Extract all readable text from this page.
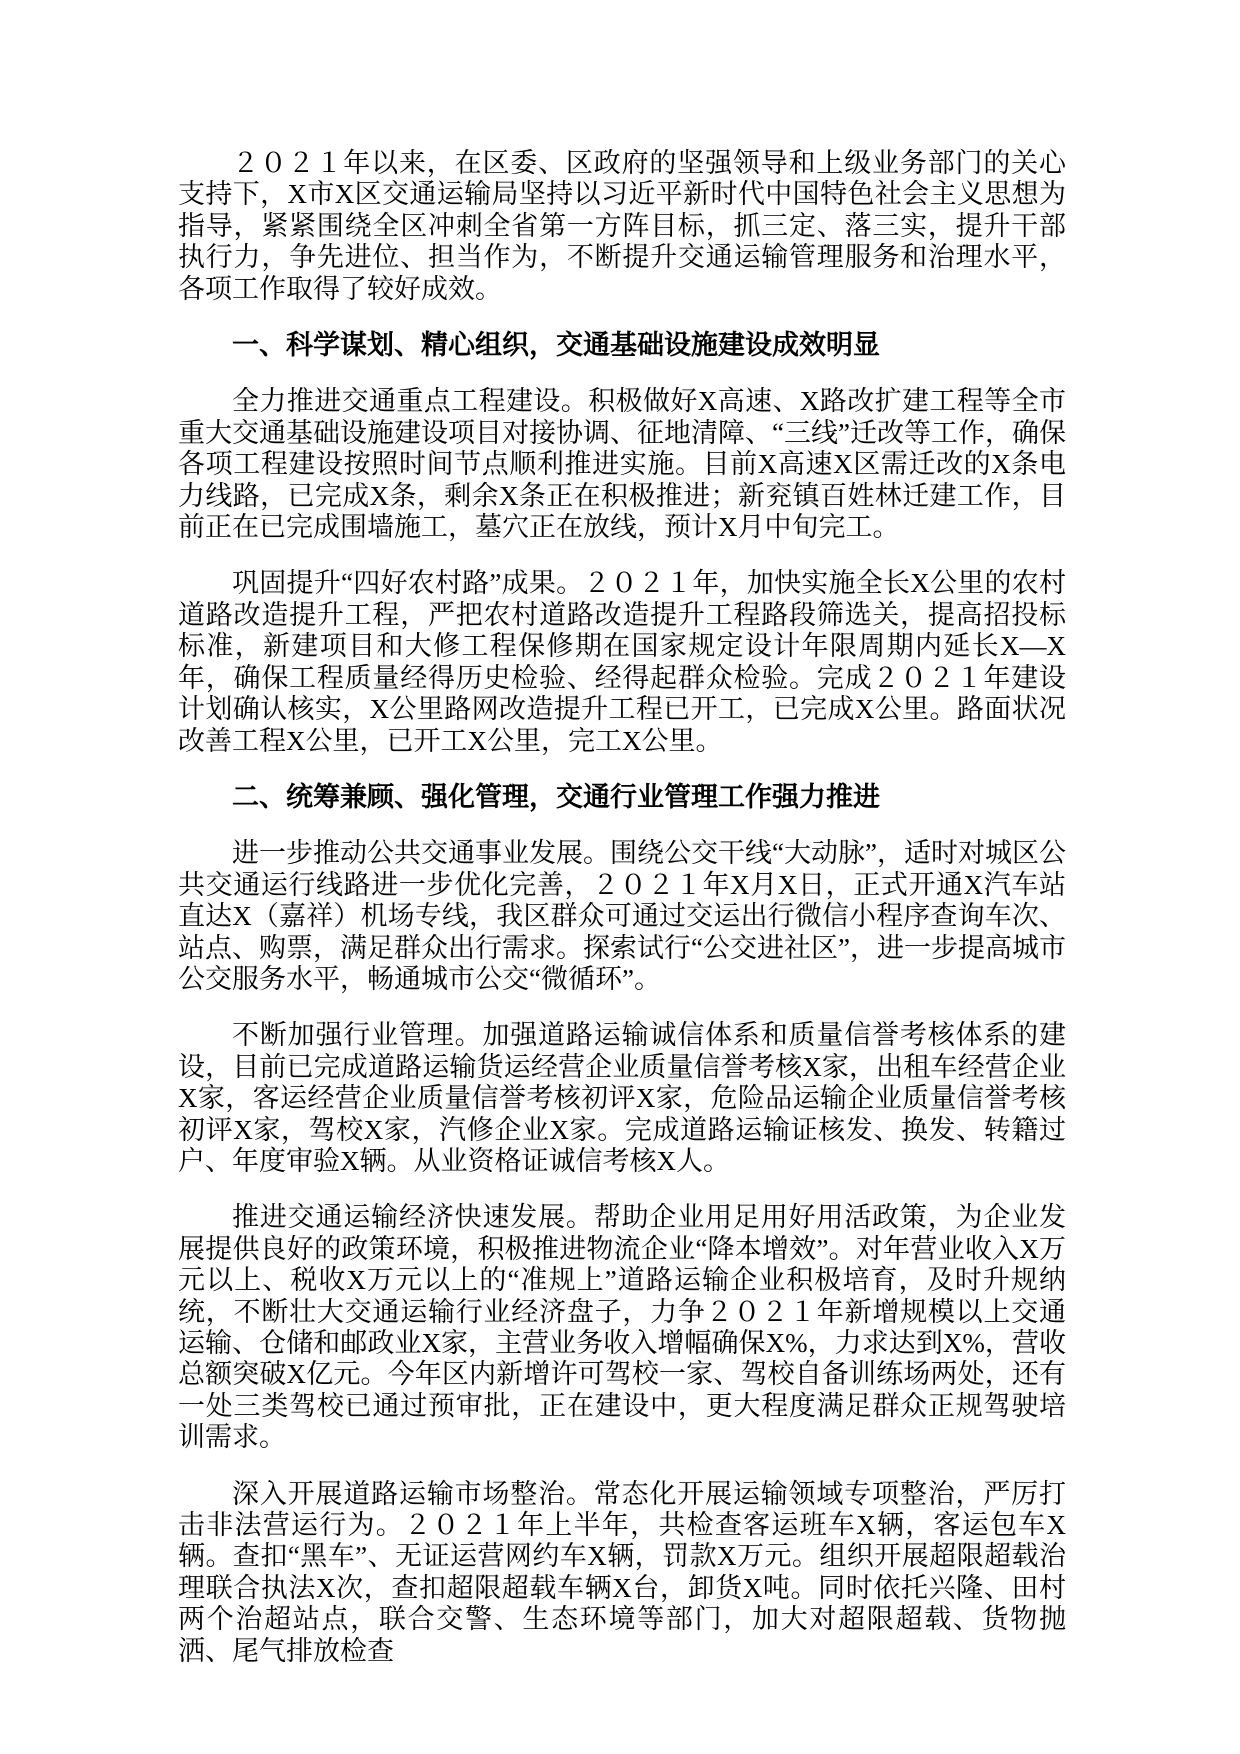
２０２１年以来，在区委、区政府的坚强领导和上级业务部门的关心支持下，X市X区交通运输局坚持以习近平新时代中国特色社会主义思想为指导，紧紧围绕全区冲刺全省第一方阵目标，抓三定、落三实，提升干部执行力，争先进位、担当作为，不断提升交通运输管理服务和治理水平，各项工作取得了较好成效。

一、科学谋划、精心组织，交通基础设施建设成效明显

全力推进交通重点工程建设。积极做好X高速、X路改扩建工程等全市重大交通基础设施建设项目对接协调、征地清障、“三线”迁改等工作，确保各项工程建设按照时间节点顺利推进实施。目前X高速X区需迁改的X条电力线路，已完成X条，剩余X条正在积极推进；新兖镇百姓林迁建工作，目前正在已完成围墙施工，墓穴正在放线，预计X月中旬完工。

巩固提升“四好农村路”成果。２０２１年，加快实施全长X公里的农村道路改造提升工程，严把农村道路改造提升工程路段筛选关，提高招投标标准，新建项目和大修工程保修期在国家规定设计年限周期内延长X—X年，确保工程质量经得历史检验、经得起群众检验。完成２０２１年建设计划确认核实，X公里路网改造提升工程已开工，已完成X公里。路面状况改善工程X公里，已开工X公里，完工X公里。

二、统筹兼顾、强化管理，交通行业管理工作强力推进

进一步推动公共交通事业发展。围绕公交干线“大动脉”，适时对城区公共交通运行线路进一步优化完善，２０２１年X月X日，正式开通X汽车站直达X（嘉祥）机场专线，我区群众可通过交运出行微信小程序查询车次、站点、购票，满足群众出行需求。探索试行“公交进社区”，进一步提高城市公交服务水平，畅通城市公交“微循环”。

不断加强行业管理。加强道路运输诚信体系和质量信誉考核体系的建设，目前已完成道路运输货运经营企业质量信誉考核X家，出租车经营企业X家，客运经营企业质量信誉考核初评X家，危险品运输企业质量信誉考核初评X家，驾校X家，汽修企业X家。完成道路运输证核发、换发、转籍过户、年度审验X辆。从业资格证诚信考核X人。

推进交通运输经济快速发展。帮助企业用足用好用活政策，为企业发展提供良好的政策环境，积极推进物流企业“降本增效”。对年营业收入X万元以上、税收X万元以上的“准规上”道路运输企业积极培育，及时升规纳统，不断壮大交通运输行业经济盘子，力争２０２１年新增规模以上交通运输、仓储和邮政业X家，主营业务收入增幅确保X%，力求达到X%，营收总额突破X亿元。今年区内新增许可驾校一家、驾校自备训练场两处，还有一处三类驾校已通过预审批，正在建设中，更大程度满足群众正规驾驶培训需求。

深入开展道路运输市场整治。常态化开展运输领域专项整治，严厉打击非法营运行为。２０２１年上半年，共检查客运班车X辆，客运包车X辆。查扣“黑车”、无证运营网约车X辆，罚款X万元。组织开展超限超载治理联合执法X次，查扣超限超载车辆X台，卸货X吨。同时依托兴隆、田村两个治超站点，联合交警、生态环境等部门，加大对超限超载、货物抛洒、尾气排放检查
